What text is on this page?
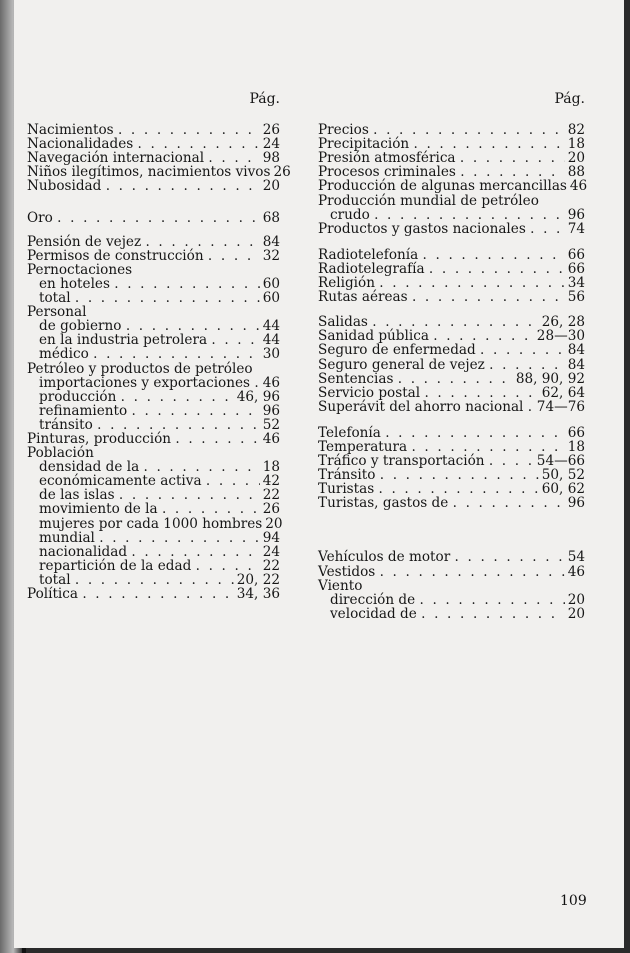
Pág.
Nacimientos . .	26
Nacionalidades . .	24
Navegación internacional . .	98
Niños ilegítimos, nacimientos vivos 26
Nubosidad . .	20
Oro . .	68
Pensión de vejez . .	84
Permisos de construcción . .	32
Pernoctaciones
en hoteles . .	60
total . .	60
Personal
de gobierno . .	44
en la industria petrolera . .	44
médico . .	30
Petróleo y productos de petróleo
importaciones y exportaciones . . 46
producción . .	46, 96
refinamiento . .	96
tránsito . .	52
Pinturas, producción . .	46
Población
densidad de la . .	18
económicamente activa . .	42
de las islas . .	22
movimiento de la . .	26
mujeres por cada 1000 hombres 20
mundial . .	94
nacionalidad . .	24
repartición de la edad . .	22
total . .	20, 22
Política . .	34, 36
Pág.
Precios . .	82
Precipitación . .	18
Presión atmosférica . .	20
Procesos criminales . .	88
Producción de algunas mercancillas 46
Producción mundial de petróleo
crudo . .	96
Productos y gastos nacionales . .	74
Radiotelefonía . .	66
Radiotelegrafía . .	66
Religión . .	34
Rutas aéreas . .	56
Salidas . .	26, 28
Sanidad pública . .	28—30
Seguro de enfermedad . .	84
Seguro general de vejez . .	84
Sentencias . .	88, 90, 92
Servicio postal . .	62, 64
Superávit del ahorro nacional . . 74—76
Telefonía . .	66
Temperatura . .	18
Tráfico y transportación . .	54—66
Tránsito . .	50, 52
Turistas . .	60, 62
Turistas, gastos de . .	96
Vehículos de motor . .	54
Vestidos . .	46
Viento
dirección de . .	20
velocidad de . .	20
109
